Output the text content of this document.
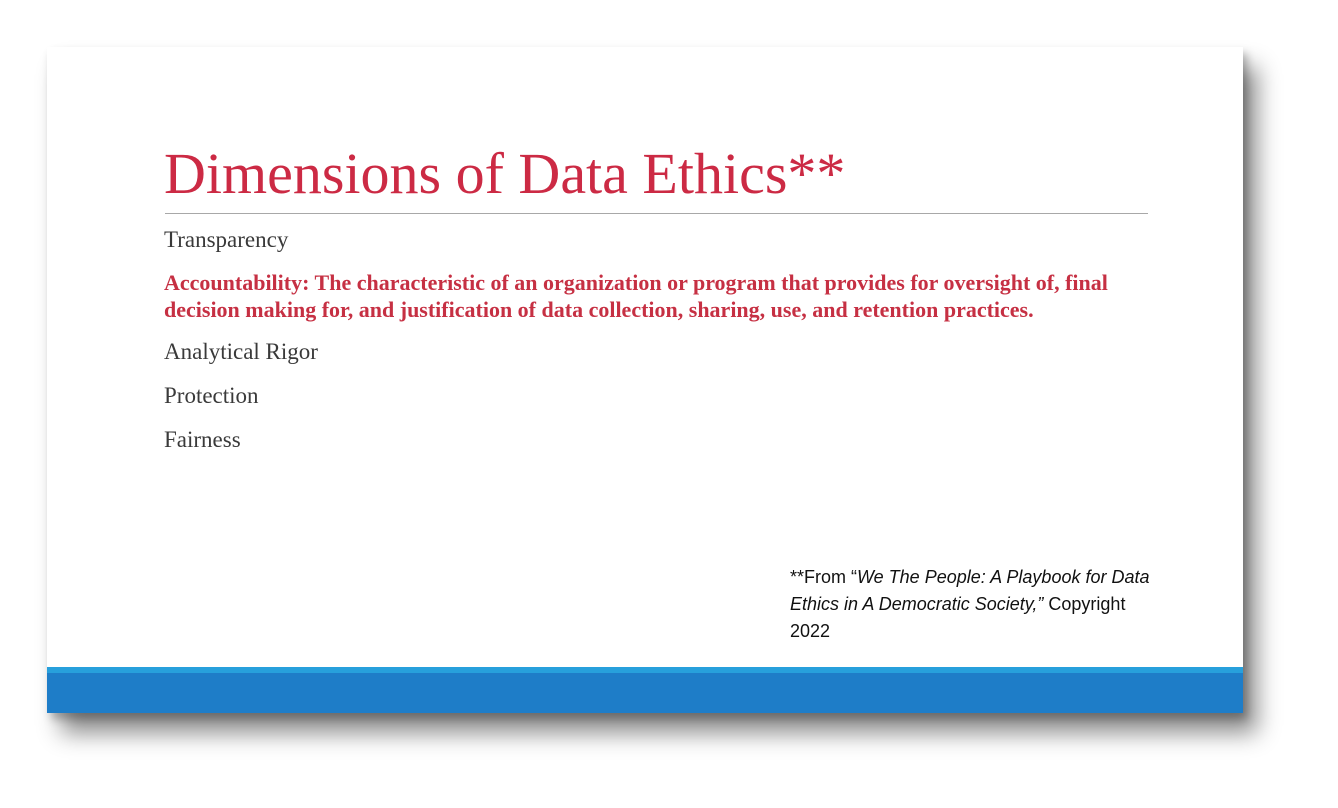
Dimensions of Data Ethics**
Transparency
Accountability: The characteristic of an organization or program that provides for oversight of, final decision making for, and justification of data collection, sharing, use, and retention practices.
Analytical Rigor
Protection
Fairness
**From “We The People: A Playbook for Data Ethics in A Democratic Society,” Copyright 2022
